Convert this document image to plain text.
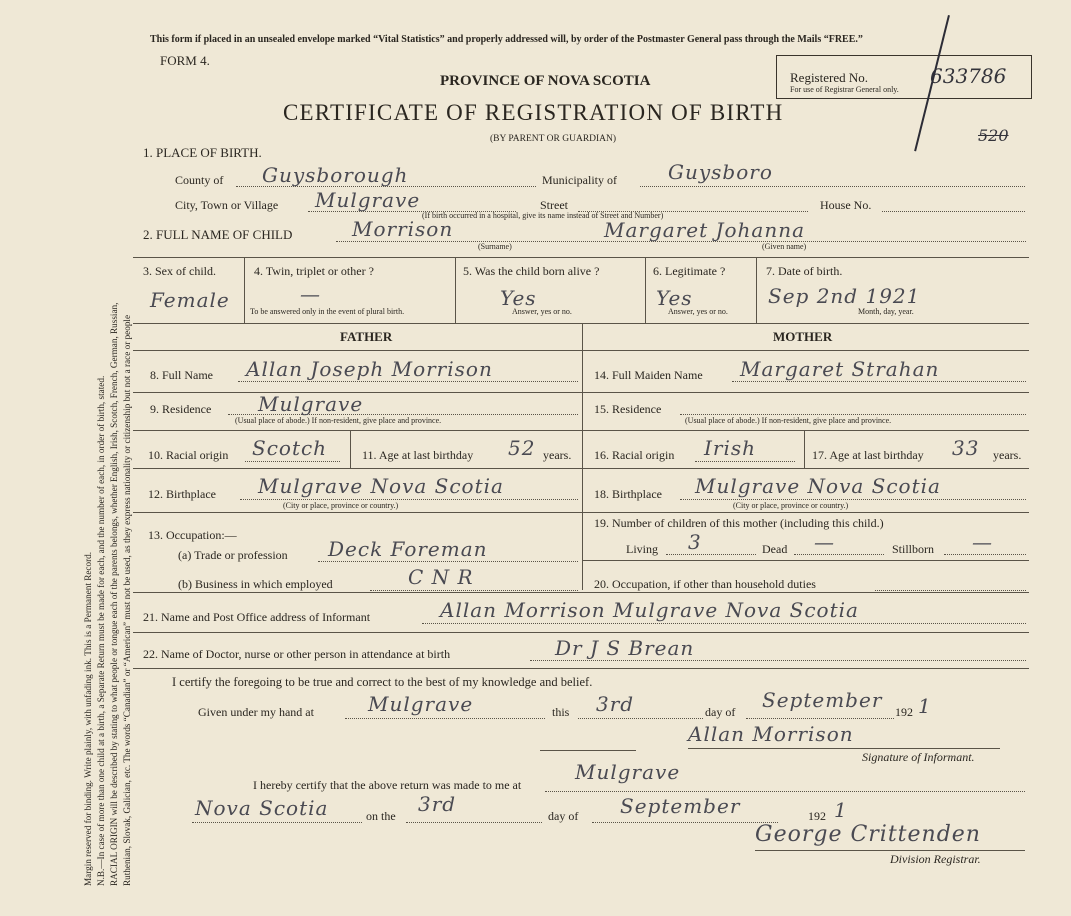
Margin reserved for binding. Write plainly, with unfading ink. This is a Permanent Record. N.B.—In case of more than one child at a birth, a Separate Return must be made for each, and the number of each, in order of birth, stated. RACIAL ORIGIN will be described by stating to what people or tongue each of the parents belongs, whether English, Irish, Scotch, French, German, Russian, Ruthenian, Slovak, Galician, etc. The words “Canadian” or “American” must not be used, as they express nationality or citizenship but not a race or people
This form if placed in an unsealed envelope marked “Vital Statistics” and properly addressed will, by order of the Postmaster General pass through the Mails “FREE.”
FORM 4.
PROVINCE OF NOVA SCOTIA
CERTIFICATE OF REGISTRATION OF BIRTH
(BY PARENT OR GUARDIAN)
Registered No.	633786
For use of Registrar General only.
520
1. PLACE OF BIRTH.
County of Guysborough	Municipality of	Guysboro
City, Town or Village Mulgrave	Street	House No.
(If birth occurred in a hospital, give its name instead of Street and Number)
2. FULL NAME OF CHILD	Morrison	Margaret Johanna
(Surname)	(Given name)
3. Sex of child.
Female
4. Twin, triplet or other ?
—
To be answered only in the event of plural birth.
5. Was the child born alive ?
Yes
Answer, yes or no.
6. Legitimate ?
Yes
Answer, yes or no.
7. Date of birth.
Sep 2nd 1921
Month, day, year.
FATHER	MOTHER
8. Full Name Allan Joseph Morrison	14. Full Maiden Name Margaret Strahan
9. Residence Mulgrave
(Usual place of abode.) If non-resident, give place and province.
15. Residence
(Usual place of abode.) If non-resident, give place and province.
10. Racial origin Scotch	11. Age at last birthday 52 years. 16. Racial origin Irish	17. Age at last birthday 33 years.
12. Birthplace Mulgrave Nova Scotia
(City or place, province or country.)
18. Birthplace Mulgrave Nova Scotia
(City or place, province or country.)
13. Occupation:—
(a) Trade or profession Deck Foreman
19. Number of children of this mother (including this child.)
Living 3	Dead —	Stillborn —
(b) Business in which employed	C N R	20. Occupation, if other than household duties
21. Name and Post Office address of Informant	Allan Morrison Mulgrave Nova Scotia
22. Name of Doctor, nurse or other person in attendance at birth	Dr J S Brean
I certify the foregoing to be true and correct to the best of my knowledge and belief.
Given under my hand at	Mulgrave	this 3rd	day of September 192 1
Allan Morrison
Signature of Informant.
I hereby certify that the above return was made to me at
Mulgrave
Nova Scotia	on the 3rd	day of September	192 1
George Crittenden
Division Registrar.
